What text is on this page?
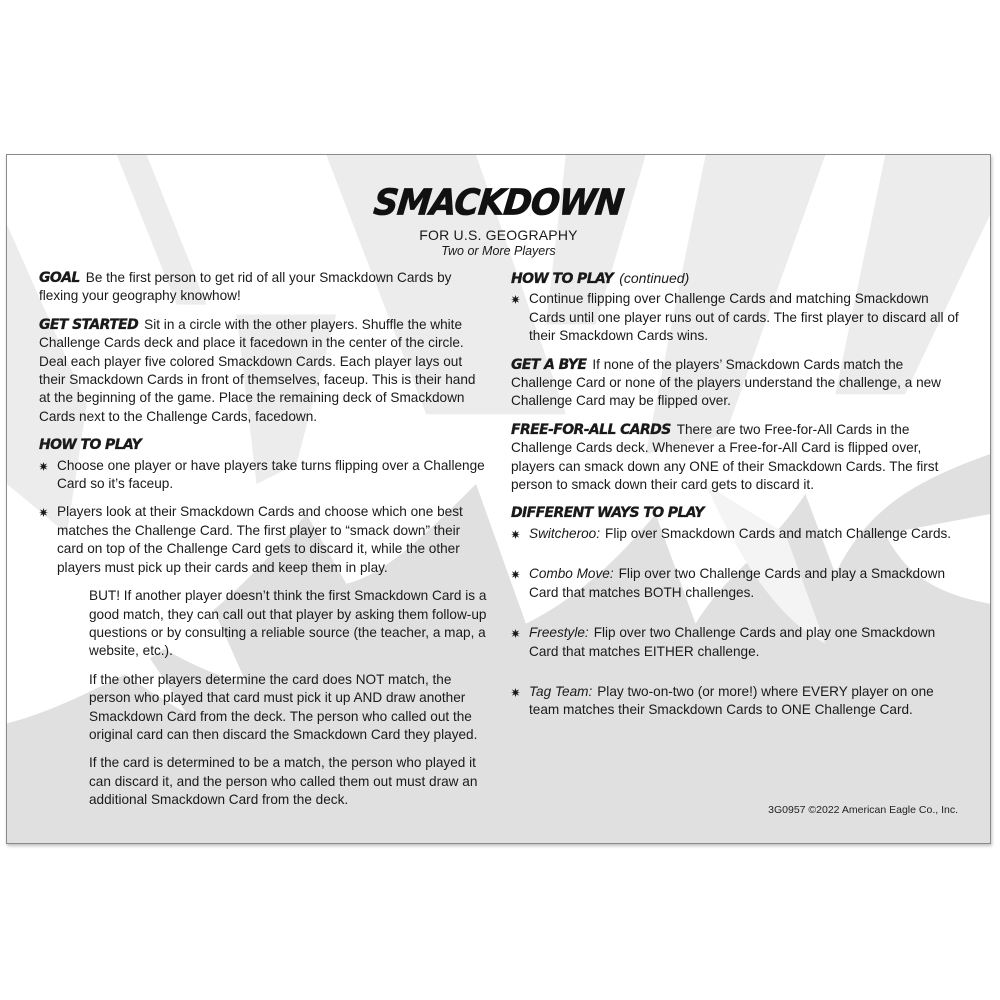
SMACKDOWN
FOR U.S. GEOGRAPHY
Two or More Players

GOAL Be the first person to get rid of all your Smackdown Cards by flexing your geography knowhow!

GET STARTED Sit in a circle with the other players. Shuffle the white Challenge Cards deck and place it facedown in the center of the circle. Deal each player five colored Smackdown Cards. Each player lays out their Smackdown Cards in front of themselves, faceup. This is their hand at the beginning of the game. Place the remaining deck of Smackdown Cards next to the Challenge Cards, facedown.

HOW TO PLAY
Choose one player or have players take turns flipping over a Challenge Card so it’s faceup.
Players look at their Smackdown Cards and choose which one best matches the Challenge Card. The first player to “smack down” their card on top of the Challenge Card gets to discard it, while the other players must pick up their cards and keep them in play.

BUT! If another player doesn’t think the first Smackdown Card is a good match, they can call out that player by asking them follow-up questions or by consulting a reliable source (the teacher, a map, a website, etc.).

If the other players determine the card does NOT match, the person who played that card must pick it up AND draw another Smackdown Card from the deck. The person who called out the original card can then discard the Smackdown Card they played.

If the card is determined to be a match, the person who played it can discard it, and the person who called them out must draw an additional Smackdown Card from the deck.

HOW TO PLAY (continued)
Continue flipping over Challenge Cards and matching Smackdown Cards until one player runs out of cards. The first player to discard all of their Smackdown Cards wins.

GET A BYE If none of the players’ Smackdown Cards match the Challenge Card or none of the players understand the challenge, a new Challenge Card may be flipped over.

FREE-FOR-ALL CARDS There are two Free-for-All Cards in the Challenge Cards deck. Whenever a Free-for-All Card is flipped over, players can smack down any ONE of their Smackdown Cards. The first person to smack down their card gets to discard it.

DIFFERENT WAYS TO PLAY
Switcheroo: Flip over Smackdown Cards and match Challenge Cards.
Combo Move: Flip over two Challenge Cards and play a Smackdown Card that matches BOTH challenges.
Freestyle: Flip over two Challenge Cards and play one Smackdown Card that matches EITHER challenge.
Tag Team: Play two-on-two (or more!) where EVERY player on one team matches their Smackdown Cards to ONE Challenge Card.
3G0957 ©2022 American Eagle Co., Inc.
